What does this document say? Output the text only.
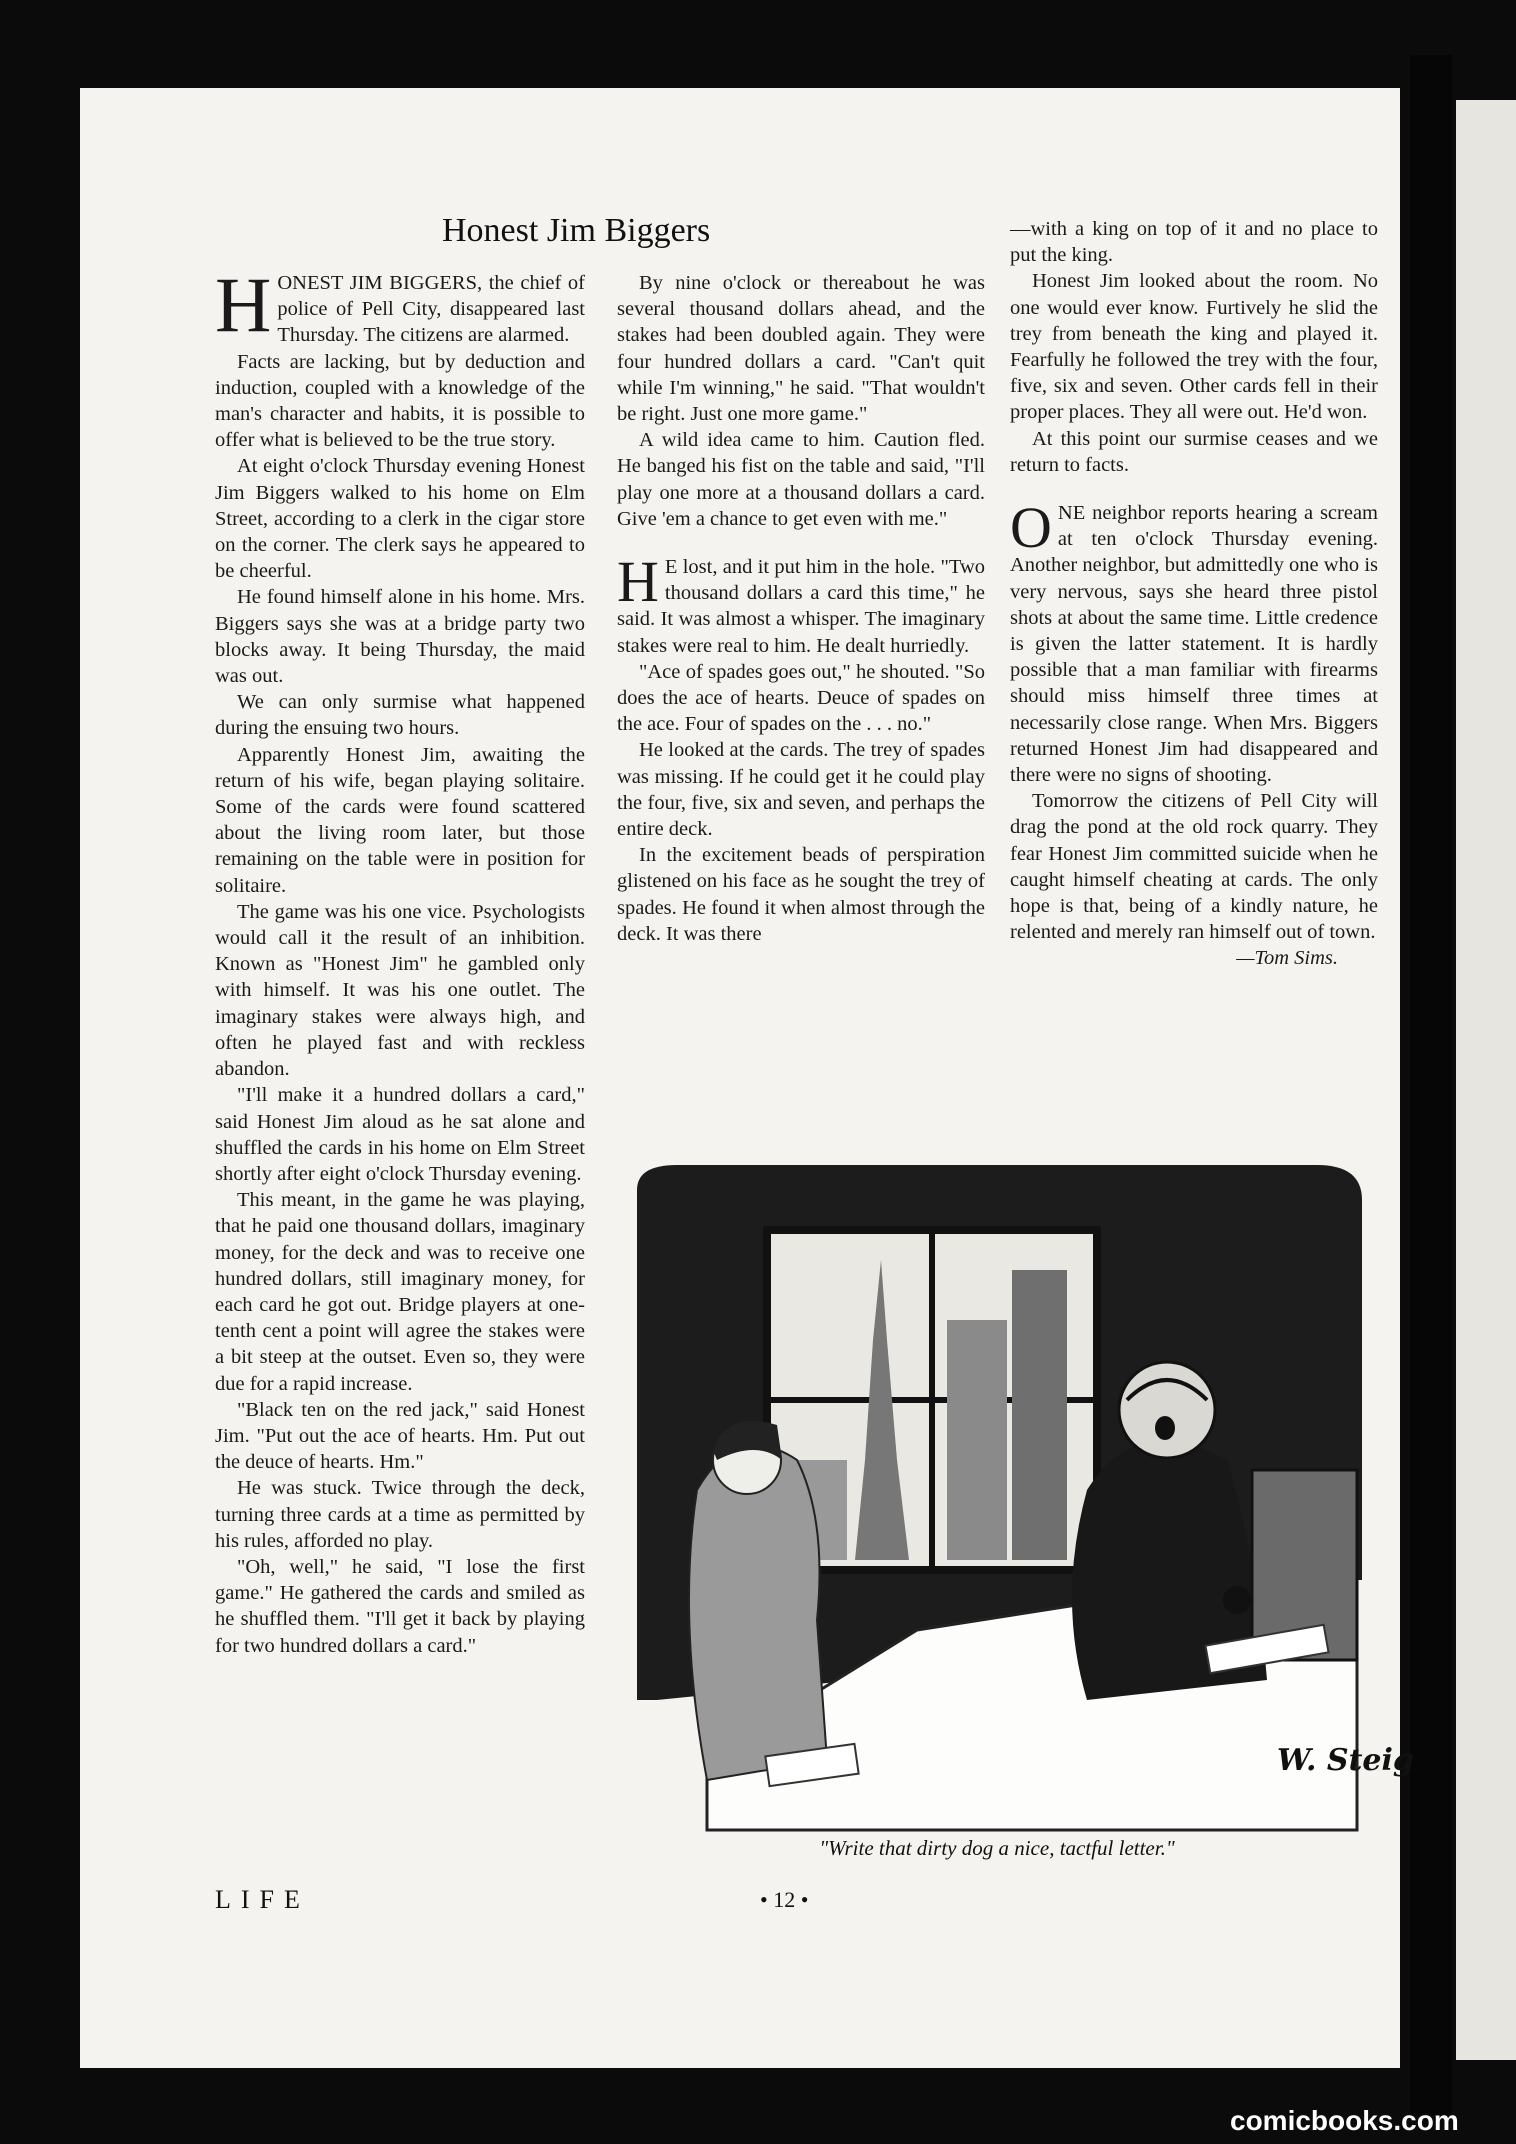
Honest Jim Biggers

HONEST JIM BIGGERS, the chief of police of Pell City, disappeared last Thursday. The citizens are alarmed.

Facts are lacking, but by deduction and induction, coupled with a knowledge of the man's character and habits, it is possible to offer what is believed to be the true story.

At eight o'clock Thursday evening Honest Jim Biggers walked to his home on Elm Street, according to a clerk in the cigar store on the corner. The clerk says he appeared to be cheerful.

He found himself alone in his home. Mrs. Biggers says she was at a bridge party two blocks away. It being Thursday, the maid was out.

We can only surmise what happened during the ensuing two hours.

Apparently Honest Jim, awaiting the return of his wife, began playing solitaire. Some of the cards were found scattered about the living room later, but those remaining on the table were in position for solitaire.

The game was his one vice. Psychologists would call it the result of an inhibition. Known as "Honest Jim" he gambled only with himself. It was his one outlet. The imaginary stakes were always high, and often he played fast and with reckless abandon.

"I'll make it a hundred dollars a card," said Honest Jim aloud as he sat alone and shuffled the cards in his home on Elm Street shortly after eight o'clock Thursday evening.

This meant, in the game he was playing, that he paid one thousand dollars, imaginary money, for the deck and was to receive one hundred dollars, still imaginary money, for each card he got out. Bridge players at one-tenth cent a point will agree the stakes were a bit steep at the outset. Even so, they were due for a rapid increase.

"Black ten on the red jack," said Honest Jim. "Put out the ace of hearts. Hm. Put out the deuce of hearts. Hm."

He was stuck. Twice through the deck, turning three cards at a time as permitted by his rules, afforded no play.

"Oh, well," he said, "I lose the first game." He gathered the cards and smiled as he shuffled them. "I'll get it back by playing for two hundred dollars a card."

By nine o'clock or thereabout he was several thousand dollars ahead, and the stakes had been doubled again. They were four hundred dollars a card. "Can't quit while I'm winning," he said. "That wouldn't be right. Just one more game."

A wild idea came to him. Caution fled. He banged his fist on the table and said, "I'll play one more at a thousand dollars a card. Give 'em a chance to get even with me."

H E lost, and it put him in the hole. "Two thousand dollars a card this time," he said. It was almost a whisper. The imaginary stakes were real to him. He dealt hurriedly.

"Ace of spades goes out," he shouted. "So does the ace of hearts. Deuce of spades on the ace. Four of spades on the . . . no."

He looked at the cards. The trey of spades was missing. If he could get it he could play the four, five, six and seven, and perhaps the entire deck.

In the excitement beads of perspiration glistened on his face as he sought the trey of spades. He found it when almost through the deck. It was there

—with a king on top of it and no place to put the king.

Honest Jim looked about the room. No one would ever know. Furtively he slid the trey from beneath the king and played it. Fearfully he followed the trey with the four, five, six and seven. Other cards fell in their proper places. They all were out. He'd won.

At this point our surmise ceases and we return to facts.

ONE neighbor reports hearing a scream at ten o'clock Thursday evening. Another neighbor, but admittedly one who is very nervous, says she heard three pistol shots at about the same time. Little credence is given the latter statement. It is hardly possible that a man familiar with firearms should miss himself three times at necessarily close range. When Mrs. Biggers returned Honest Jim had disappeared and there were no signs of shooting.

Tomorrow the citizens of Pell City will drag the pond at the old rock quarry. They fear Honest Jim committed suicide when he caught himself cheating at cards. The only hope is that, being of a kindly nature, he relented and merely ran himself out of town.

—Tom Sims.

W. Steig
"Write that dirty dog a nice, tactful letter."
LIFE	• 12 •
comicbooks.com
